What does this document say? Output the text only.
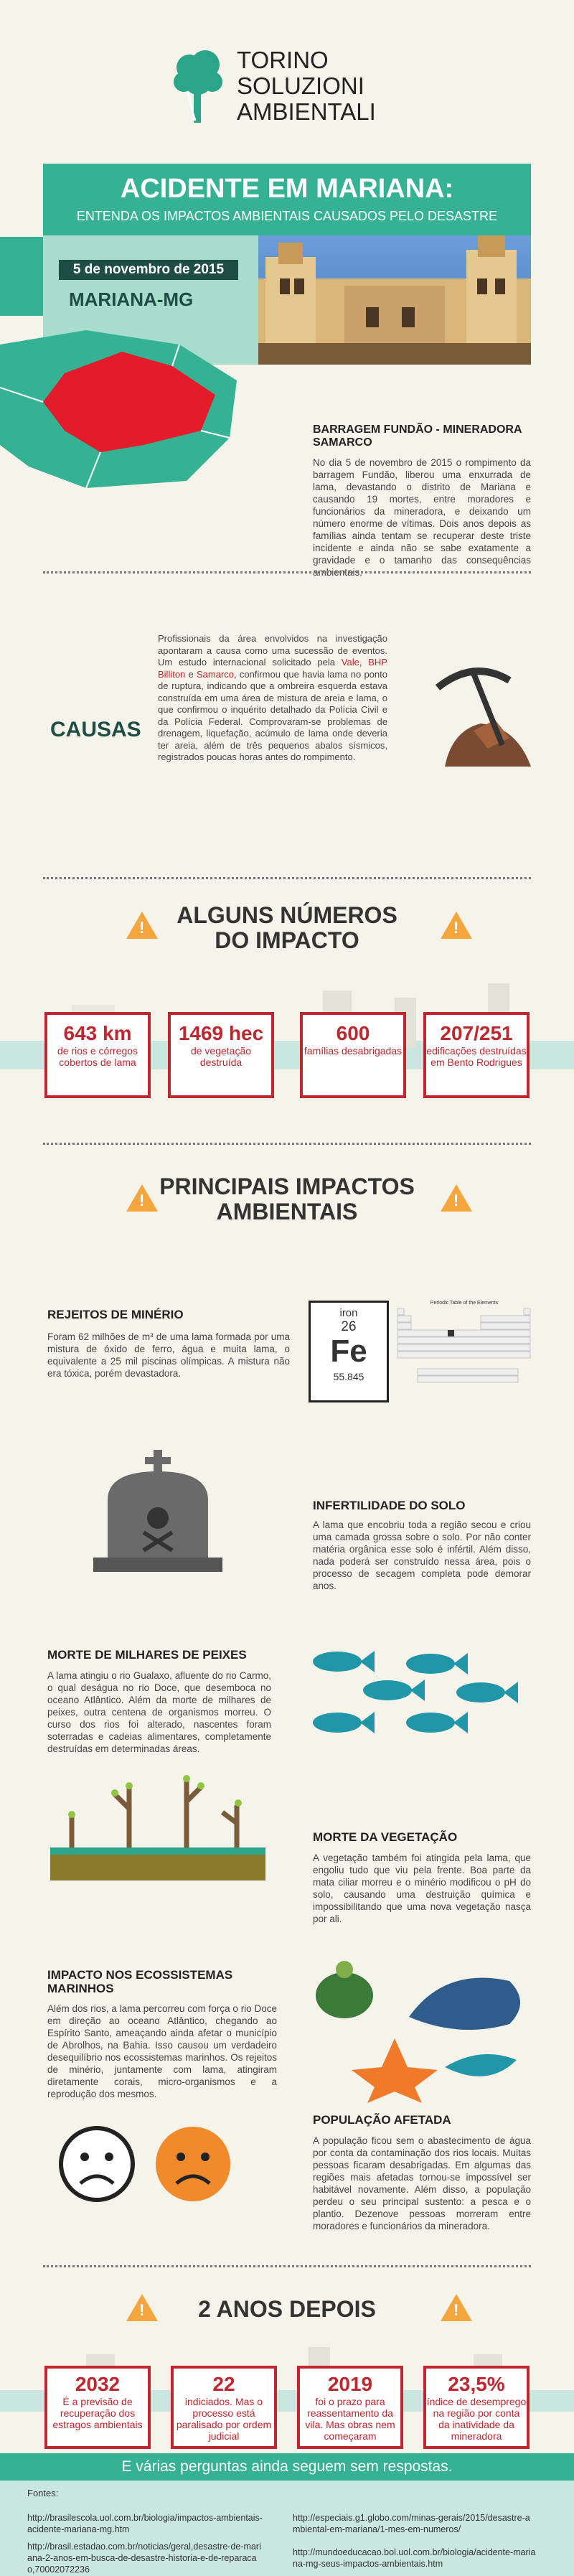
TORINO
SOLUZIONI
AMBIENTALI
ACIDENTE EM MARIANA:
ENTENDA OS IMPACTOS AMBIENTAIS CAUSADOS PELO DESASTRE
5 de novembro de 2015
MARIANA-MG
BARRAGEM FUNDÃO - MINERADORA SAMARCO
No dia 5 de novembro de 2015 o rompimento da barragem Fundão, liberou uma enxurrada de lama, devastando o distrito de Mariana e causando 19 mortes, entre moradores e funcionários da mineradora, e deixando um número enorme de vítimas. Dois anos depois as famílias ainda tentam se recuperar deste triste incidente e ainda não se sabe exatamente a gravidade e o tamanho das consequências ambientais.
CAUSAS
Profissionais da área envolvidos na investigação apontaram a causa como uma sucessão de eventos. Um estudo internacional solicitado pela Vale, BHP Billiton e Samarco, confirmou que havia lama no ponto de ruptura, indicando que a ombreira esquerda estava construída em uma área de mistura de areia e lama, o que confirmou o inquérito detalhado da Polícia Civil e da Polícia Federal. Comprovaram-se problemas de drenagem, liquefação, acúmulo de lama onde deveria ter areia, além de três pequenos abalos sísmicos, registrados poucas horas antes do rompimento.
!	!
ALGUNS NÚMEROS
DO IMPACTO
643 km
de rios e córregos cobertos de lama
1469 hec
de vegetação destruída
600
famílias desabrigadas
207/251
edificações destruídas em Bento Rodrigues
!	!
PRINCIPAIS IMPACTOS
AMBIENTAIS
REJEITOS DE MINÉRIO
Foram 62 milhões de m³ de uma lama formada por uma mistura de óxido de ferro, água e muita lama, o equivalente a 25 mil piscinas olímpicas. A mistura não era tóxica, porém devastadora.
iron
26
Fe
55.845
Periodic Table of the Elements
INFERTILIDADE DO SOLO
A lama que encobriu toda a região secou e criou uma camada grossa sobre o solo. Por não conter matéria orgânica esse solo é infértil. Além disso, nada poderá ser construído nessa área, pois o processo de secagem completa pode demorar anos.
MORTE DE MILHARES DE PEIXES
A lama atingiu o rio Gualaxo, afluente do rio Carmo, o qual deságua no rio Doce, que desemboca no oceano Atlântico. Além da morte de milhares de peixes, outra centena de organismos morreu. O curso dos rios foi alterado, nascentes foram soterradas e cadeias alimentares, completamente destruídas em determinadas áreas.
MORTE DA VEGETAÇÃO
A vegetação também foi atingida pela lama, que engoliu tudo que viu pela frente. Boa parte da mata ciliar morreu e o minério modificou o pH do solo, causando uma destruição química e impossibilitando que uma nova vegetação nasça por ali.
IMPACTO NOS ECOSSISTEMAS MARINHOS
Além dos rios, a lama percorreu com força o rio Doce em direção ao oceano Atlântico, chegando ao Espírito Santo, ameaçando ainda afetar o município de Abrolhos, na Bahia. Isso causou um verdadeiro desequilíbrio nos ecossistemas marinhos. Os rejeitos de minério, juntamente com lama, atingiram diretamente corais, micro-organismos e a reprodução dos mesmos.
POPULAÇÃO AFETADA
A população ficou sem o abastecimento de água por conta da contaminação dos rios locais. Muitas pessoas ficaram desabrigadas. Em algumas das regiões mais afetadas tornou-se impossível ser habitável novamente. Além disso, a população perdeu o seu principal sustento: a pesca e o plantio. Dezenove pessoas morreram entre moradores e funcionários da mineradora.
!	!
2 ANOS DEPOIS
2032
É a previsão de recuperação dos estragos ambientais
22
indiciados. Mas o processo está paralisado por ordem judicial
2019
foi o prazo para reassentamento da vila. Mas obras nem começaram
23,5%
índice de desemprego na região por conta da inatividade da mineradora
E várias perguntas ainda seguem sem respostas.
Fontes:
http://brasilescola.uol.com.br/biologia/impactos-ambientais-acidente-mariana-mg.htm
http://brasil.estadao.com.br/noticias/geral,desastre-de-mariana-2-anos-em-busca-de-desastre-historia-e-de-reparacao,70002072236
http://especiais.g1.globo.com/minas-gerais/2015/desastre-ambiental-em-mariana/1-mes-em-numeros/
http://mundoeducacao.bol.uol.com.br/biologia/acidente-mariana-mg-seus-impactos-ambientais.htm
